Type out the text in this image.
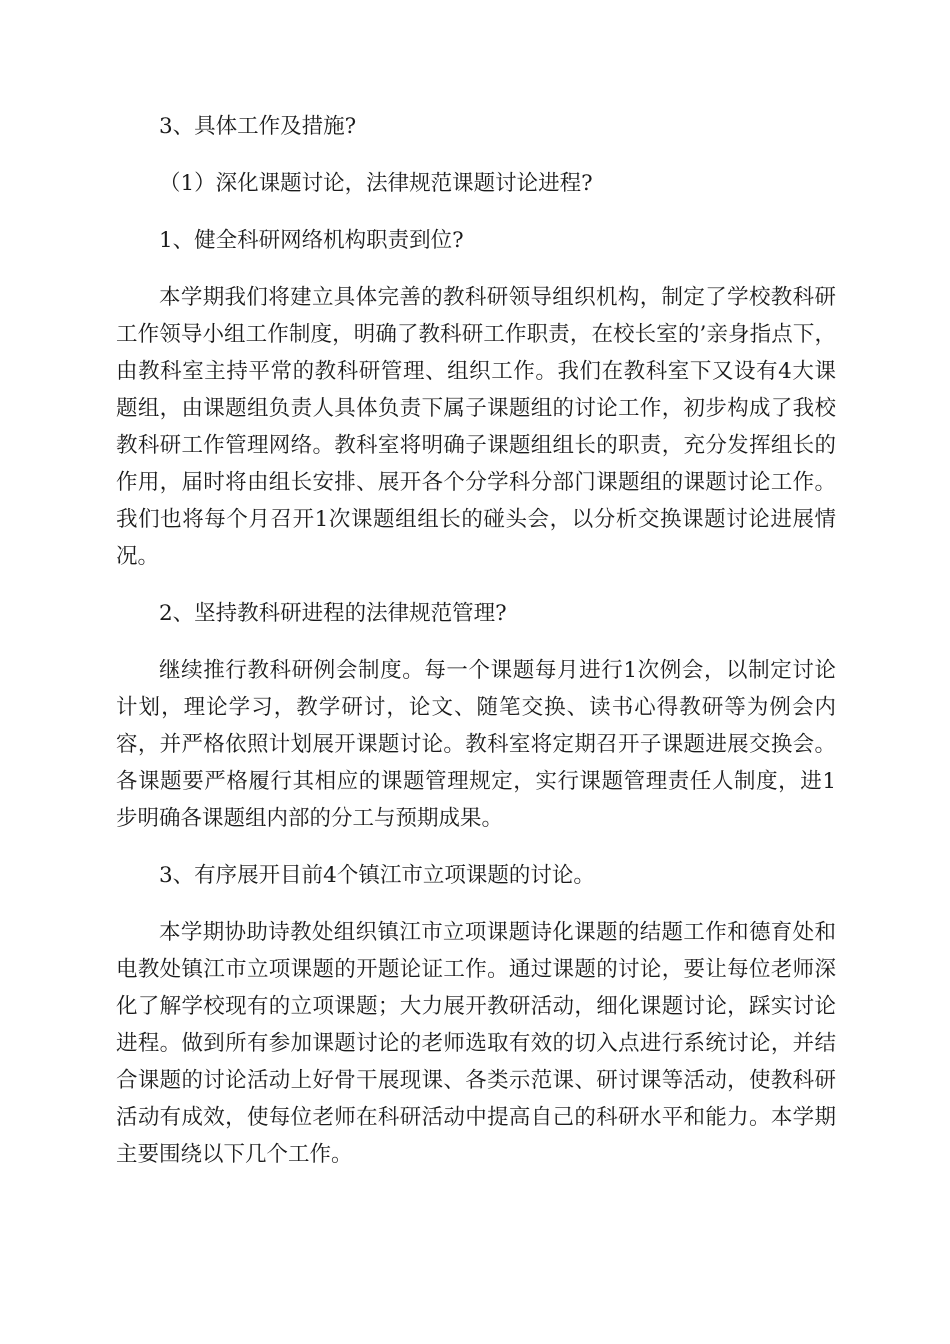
3、具体工作及措施?

（1）深化课题讨论，法律规范课题讨论进程?

1、健全科研网络机构职责到位?

本学期我们将建立具体完善的教科研领导组织机构，制定了学校教科研工作领导小组工作制度，明确了教科研工作职责，在校长室的’亲身指点下，由教科室主持平常的教科研管理、组织工作。我们在教科室下又设有4大课题组，由课题组负责人具体负责下属子课题组的讨论工作，初步构成了我校教科研工作管理网络。教科室将明确子课题组组长的职责，充分发挥组长的作用，届时将由组长安排、展开各个分学科分部门课题组的课题讨论工作。我们也将每个月召开1次课题组组长的碰头会，以分析交换课题讨论进展情况。

2、坚持教科研进程的法律规范管理?

继续推行教科研例会制度。每一个课题每月进行1次例会，以制定讨论计划，理论学习，教学研讨，论文、随笔交换、读书心得教研等为例会内容，并严格依照计划展开课题讨论。教科室将定期召开子课题进展交换会。各课题要严格履行其相应的课题管理规定，实行课题管理责任人制度，进1步明确各课题组内部的分工与预期成果。

3、有序展开目前4个镇江市立项课题的讨论。

本学期协助诗教处组织镇江市立项课题诗化课题的结题工作和德育处和电教处镇江市立项课题的开题论证工作。通过课题的讨论，要让每位老师深化了解学校现有的立项课题；大力展开教研活动，细化课题讨论，踩实讨论进程。做到所有参加课题讨论的老师选取有效的切入点进行系统讨论，并结合课题的讨论活动上好骨干展现课、各类示范课、研讨课等活动，使教科研活动有成效，使每位老师在科研活动中提高自己的科研水平和能力。本学期主要围绕以下几个工作。
